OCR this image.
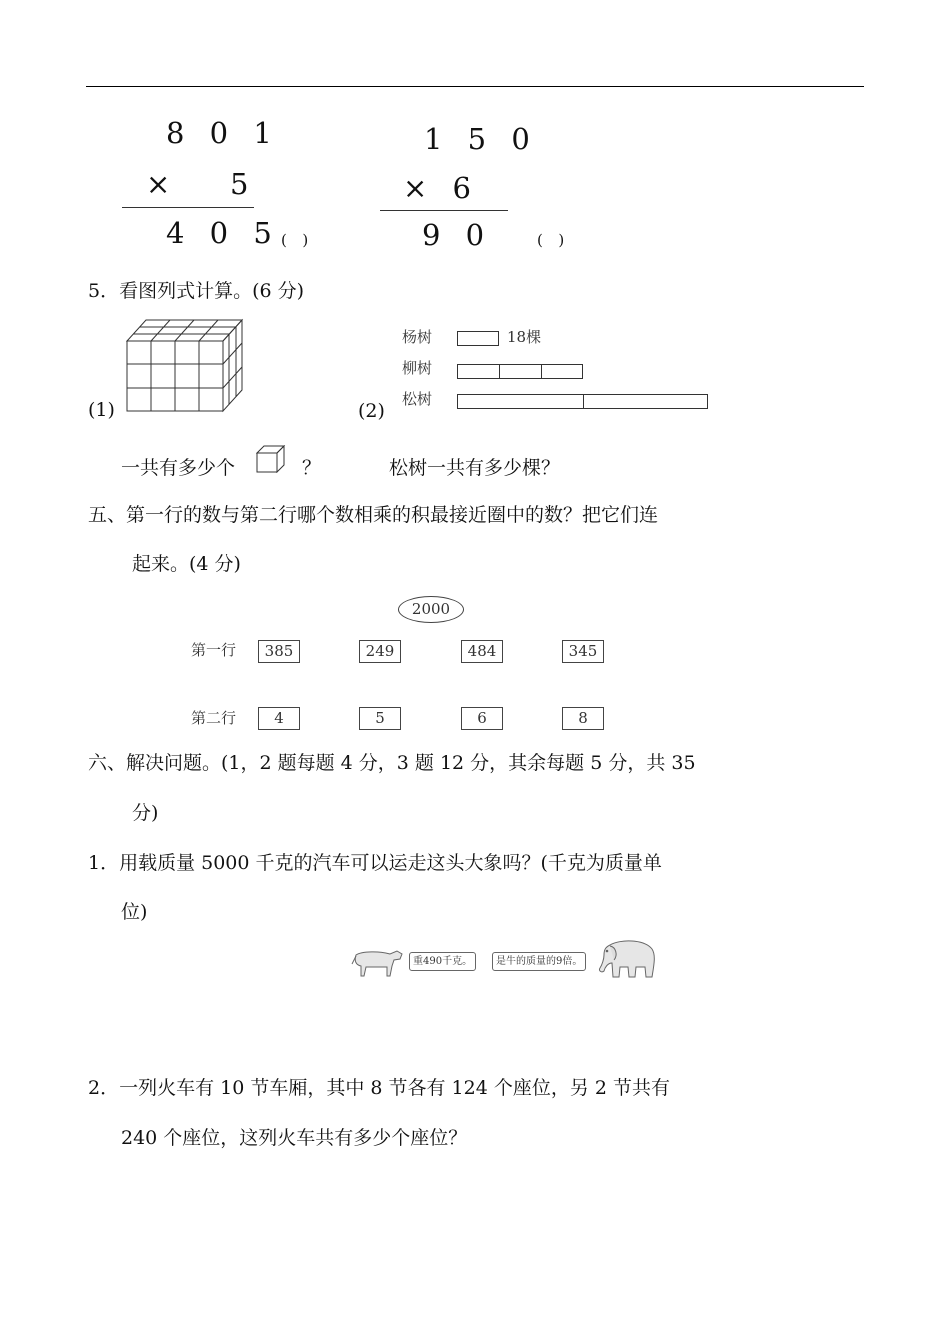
8 0 1
×   5
4 0 5 (  )
1 5 0
× 6
9 0	(  )
5．看图列式计算。(6 分)
(1)	(2)
杨树	18棵
柳树
松树
一共有多少个	？	松树一共有多少棵？
五、第一行的数与第二行哪个数相乘的积最接近圈中的数？把它们连
起来。(4 分)
2000
第一行	385	249	484	345
第二行	4	5	6	8
六、解决问题。(1，2 题每题 4 分，3 题 12 分，其余每题 5 分，共 35
分)
1．用载质量 5000 千克的汽车可以运走这头大象吗？(千克为质量单
位)
重490千克。	是牛的质量的9倍。
2．一列火车有 10 节车厢，其中 8 节各有 124 个座位，另 2 节共有
240 个座位，这列火车共有多少个座位？
